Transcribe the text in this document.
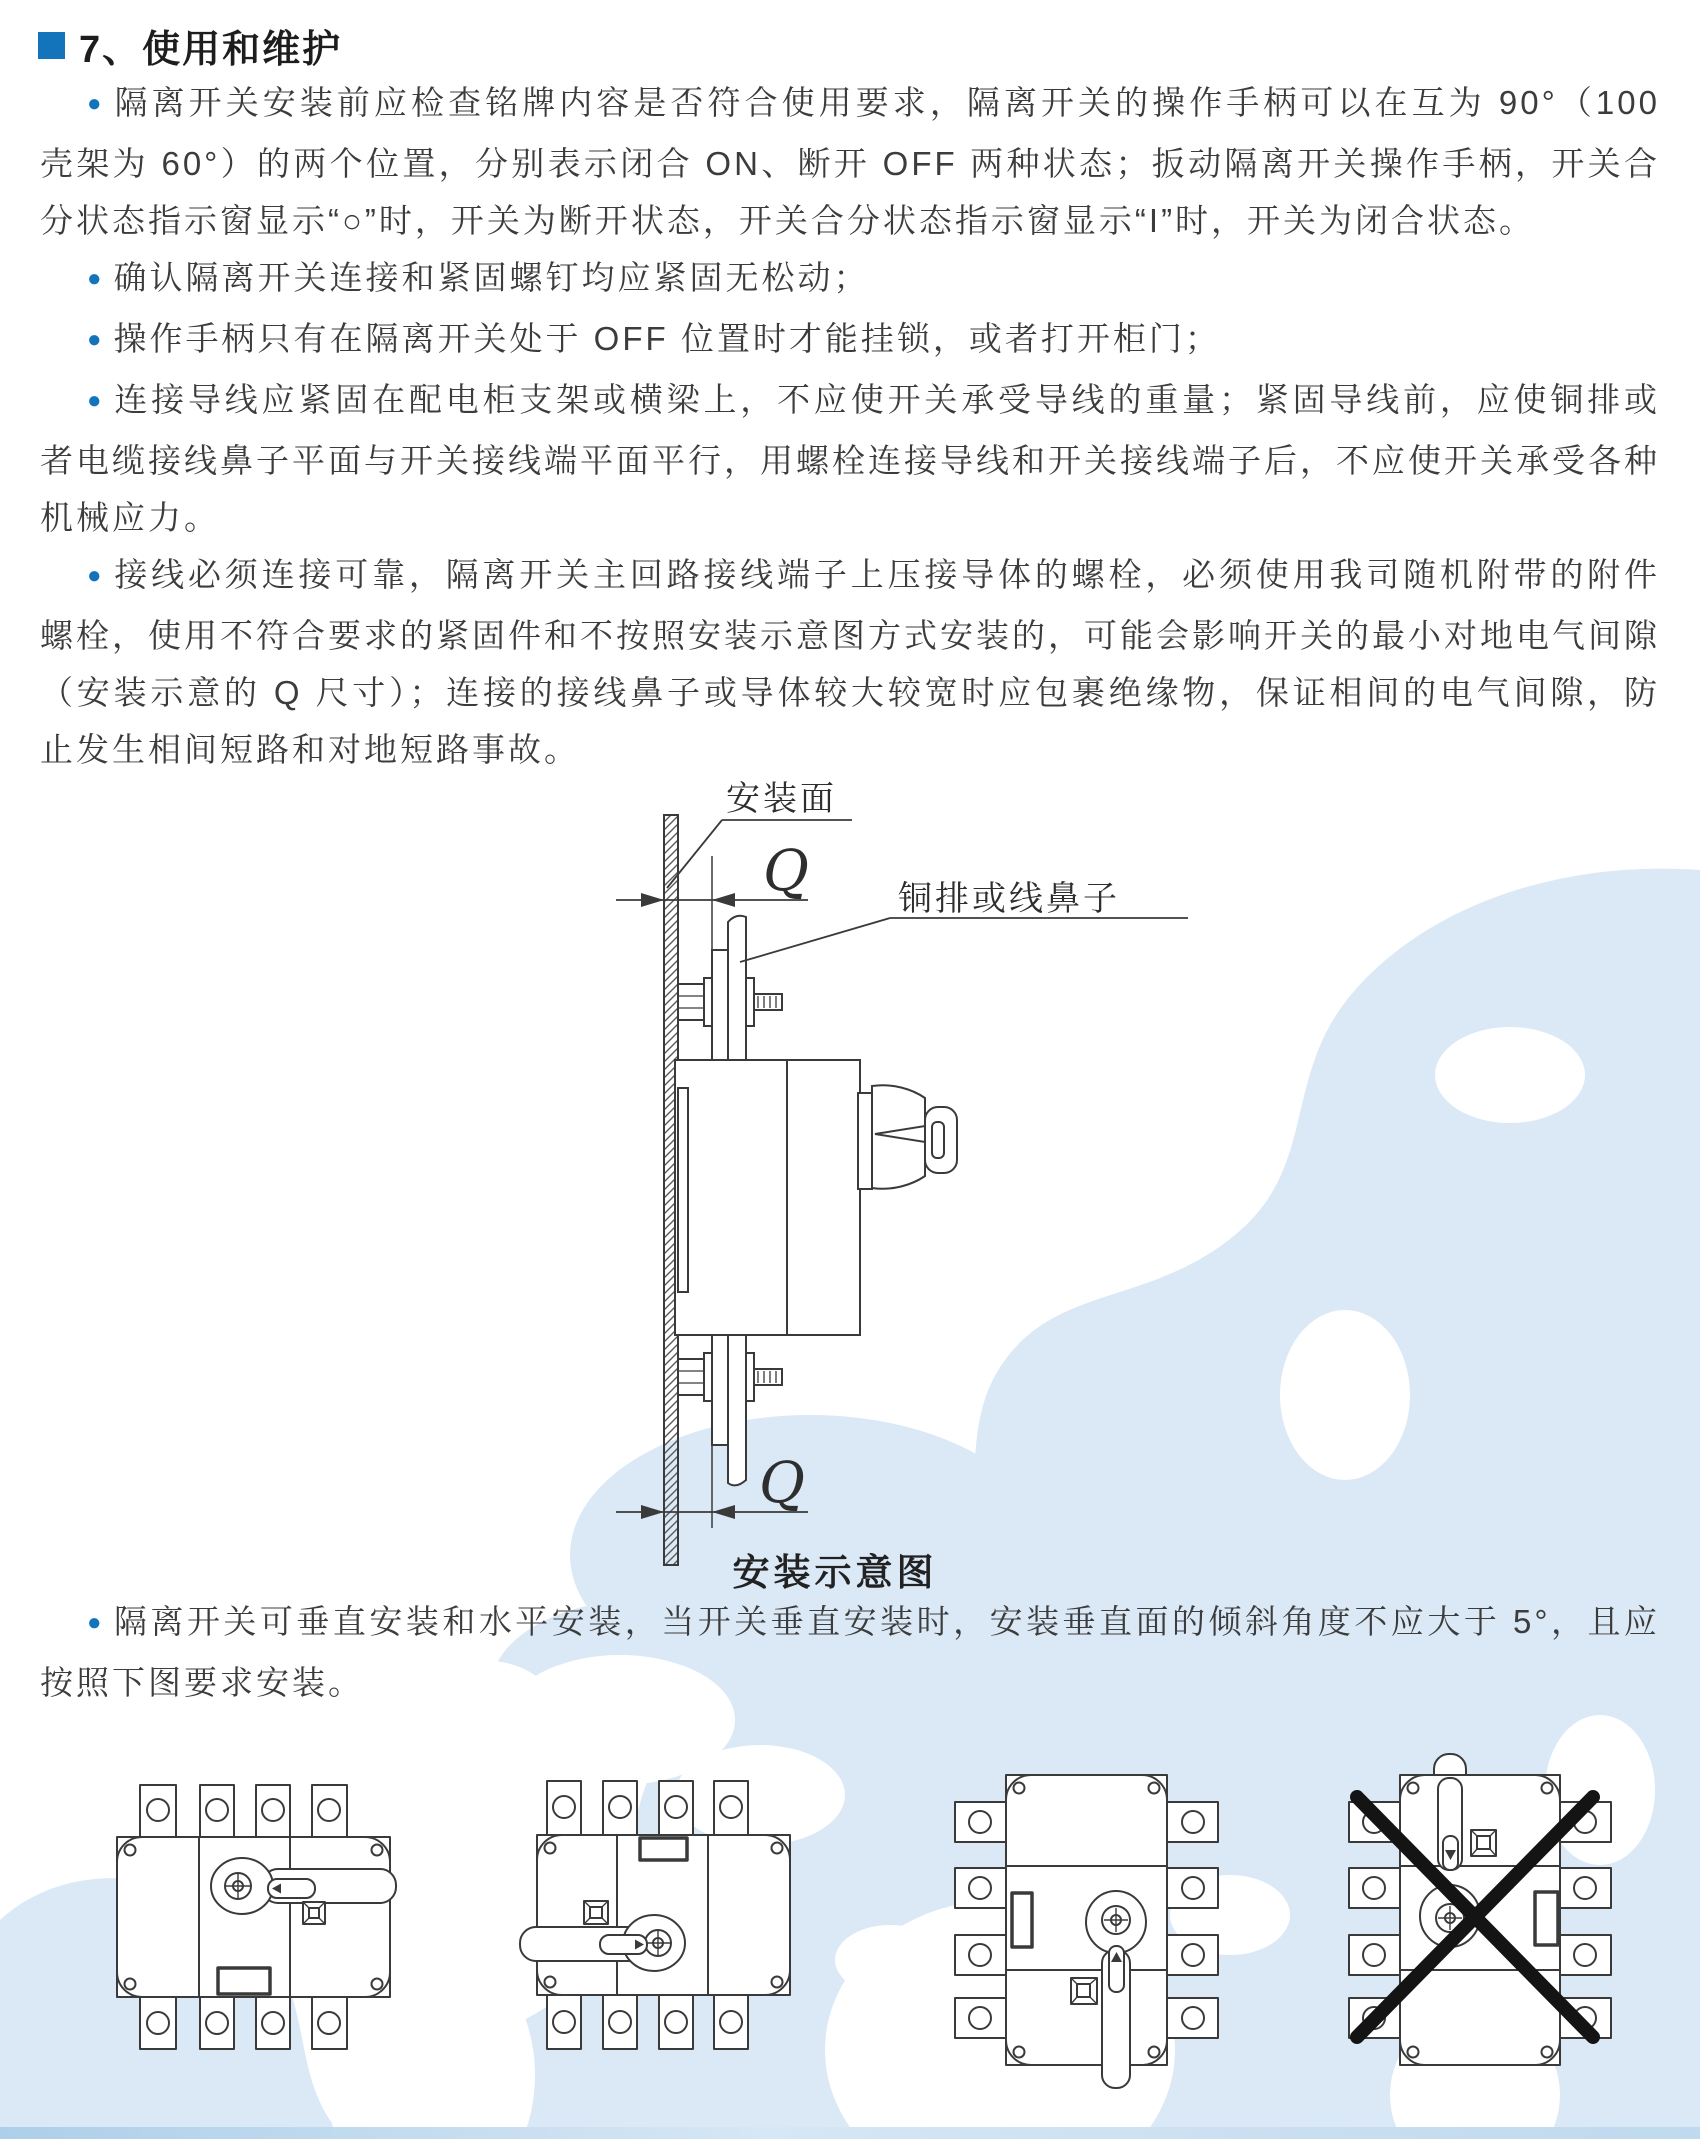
7、使用和维护

● 隔离开关安装前应检查铭牌内容是否符合使用要求，隔离开关的操作手柄可以在互为 90°（100 壳架为 60°）的两个位置，分别表示闭合 ON、断开 OFF 两种状态；扳动隔离开关操作手柄，开关合分状态指示窗显示“○”时，开关为断开状态，开关合分状态指示窗显示“I”时，开关为闭合状态。

● 确认隔离开关连接和紧固螺钉均应紧固无松动；

● 操作手柄只有在隔离开关处于 OFF 位置时才能挂锁，或者打开柜门；

● 连接导线应紧固在配电柜支架或横梁上，不应使开关承受导线的重量；紧固导线前，应使铜排或者电缆接线鼻子平面与开关接线端平面平行，用螺栓连接导线和开关接线端子后，不应使开关承受各种机械应力。

● 接线必须连接可靠，隔离开关主回路接线端子上压接导体的螺栓，必须使用我司随机附带的附件螺栓，使用不符合要求的紧固件和不按照安装示意图方式安装的，可能会影响开关的最小对地电气间隙（安装示意的 Q 尺寸）；连接的接线鼻子或导体较大较宽时应包裹绝缘物，保证相间的电气间隙，防止发生相间短路和对地短路事故。

安装面
Q	铜排或线鼻子
Q
安装示意图

● 隔离开关可垂直安装和水平安装，当开关垂直安装时，安装垂直面的倾斜角度不应大于 5°，且应按照下图要求安装。
